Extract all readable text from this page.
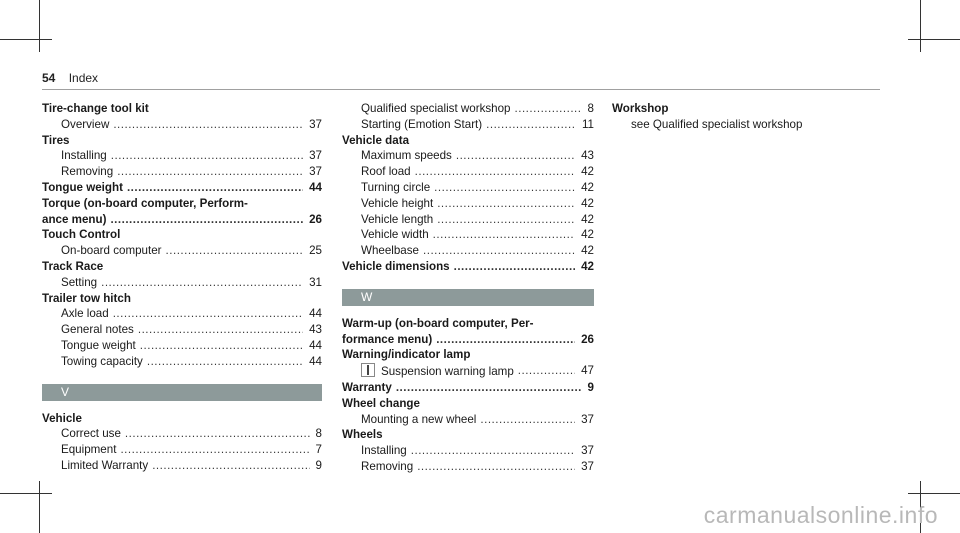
54 Index
Tire-change tool kit
Overview .....	37
Tires
Installing .....	37
Removing .....	37
Tongue weight .....	44
Torque (on-board computer, Perform-
ance menu) .....	26
Touch Control
On-board computer .....	25
Track Race
Setting .....	31
Trailer tow hitch
Axle load .....	44
General notes .....	43
Tongue weight .....	44
Towing capacity .....	44
V
Vehicle
Correct use .....	8
Equipment .....	7
Limited Warranty .....	9
Qualified specialist workshop .....	8
Starting (Emotion Start) .....	11
Vehicle data
Maximum speeds .....	43
Roof load .....	42
Turning circle .....	42
Vehicle height .....	42
Vehicle length .....	42
Vehicle width .....	42
Wheelbase .....	42
Vehicle dimensions .....	42
W
Warm-up (on-board computer, Per-
formance menu) .....	26
Warning/indicator lamp
Suspension warning lamp .....	47
Warranty .....	9
Wheel change
Mounting a new wheel .....	37
Wheels
Installing .....	37
Removing .....	37
Workshop
see Qualified specialist workshop
carmanualsonline.info
